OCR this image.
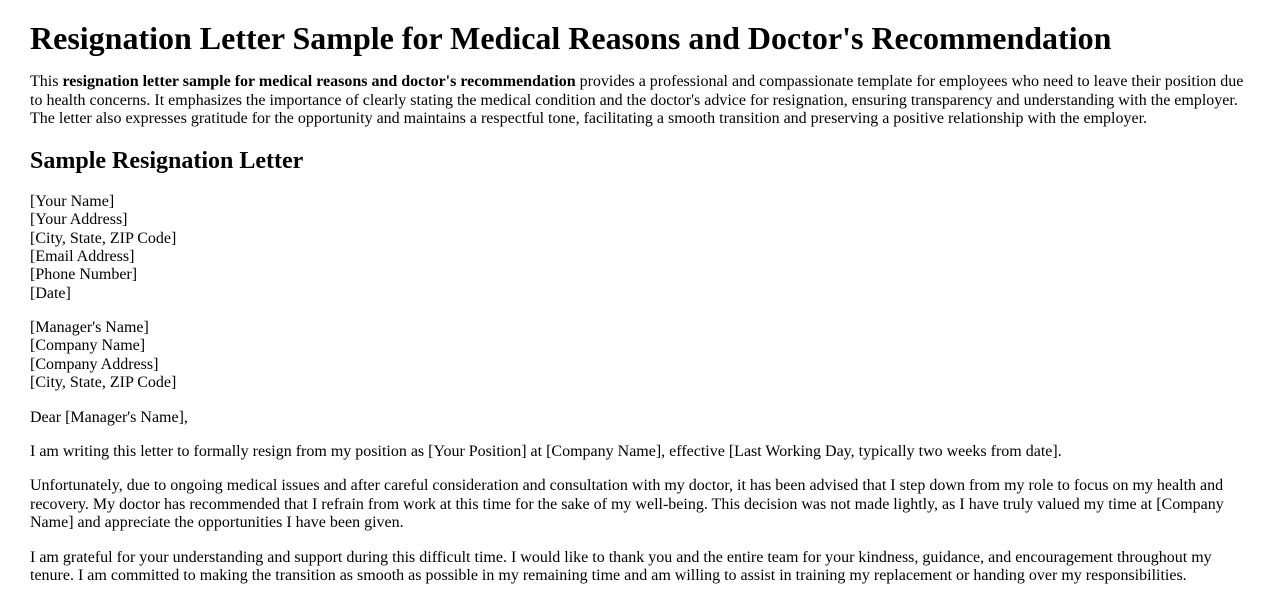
Resignation Letter Sample for Medical Reasons and Doctor's Recommendation

This resignation letter sample for medical reasons and doctor's recommendation provides a professional and compassionate template for employees who need to leave their position due to health concerns. It emphasizes the importance of clearly stating the medical condition and the doctor's advice for resignation, ensuring transparency and understanding with the employer. The letter also expresses gratitude for the opportunity and maintains a respectful tone, facilitating a smooth transition and preserving a positive relationship with the employer.

Sample Resignation Letter

[Your Name]
[Your Address]
[City, State, ZIP Code]
[Email Address]
[Phone Number]
[Date]

[Manager's Name]
[Company Name]
[Company Address]
[City, State, ZIP Code]

Dear [Manager's Name],

I am writing this letter to formally resign from my position as [Your Position] at [Company Name], effective [Last Working Day, typically two weeks from date].

Unfortunately, due to ongoing medical issues and after careful consideration and consultation with my doctor, it has been advised that I step down from my role to focus on my health and recovery. My doctor has recommended that I refrain from work at this time for the sake of my well-being. This decision was not made lightly, as I have truly valued my time at [Company Name] and appreciate the opportunities I have been given.

I am grateful for your understanding and support during this difficult time. I would like to thank you and the entire team for your kindness, guidance, and encouragement throughout my tenure. I am committed to making the transition as smooth as possible in my remaining time and am willing to assist in training my replacement or handing over my responsibilities.
